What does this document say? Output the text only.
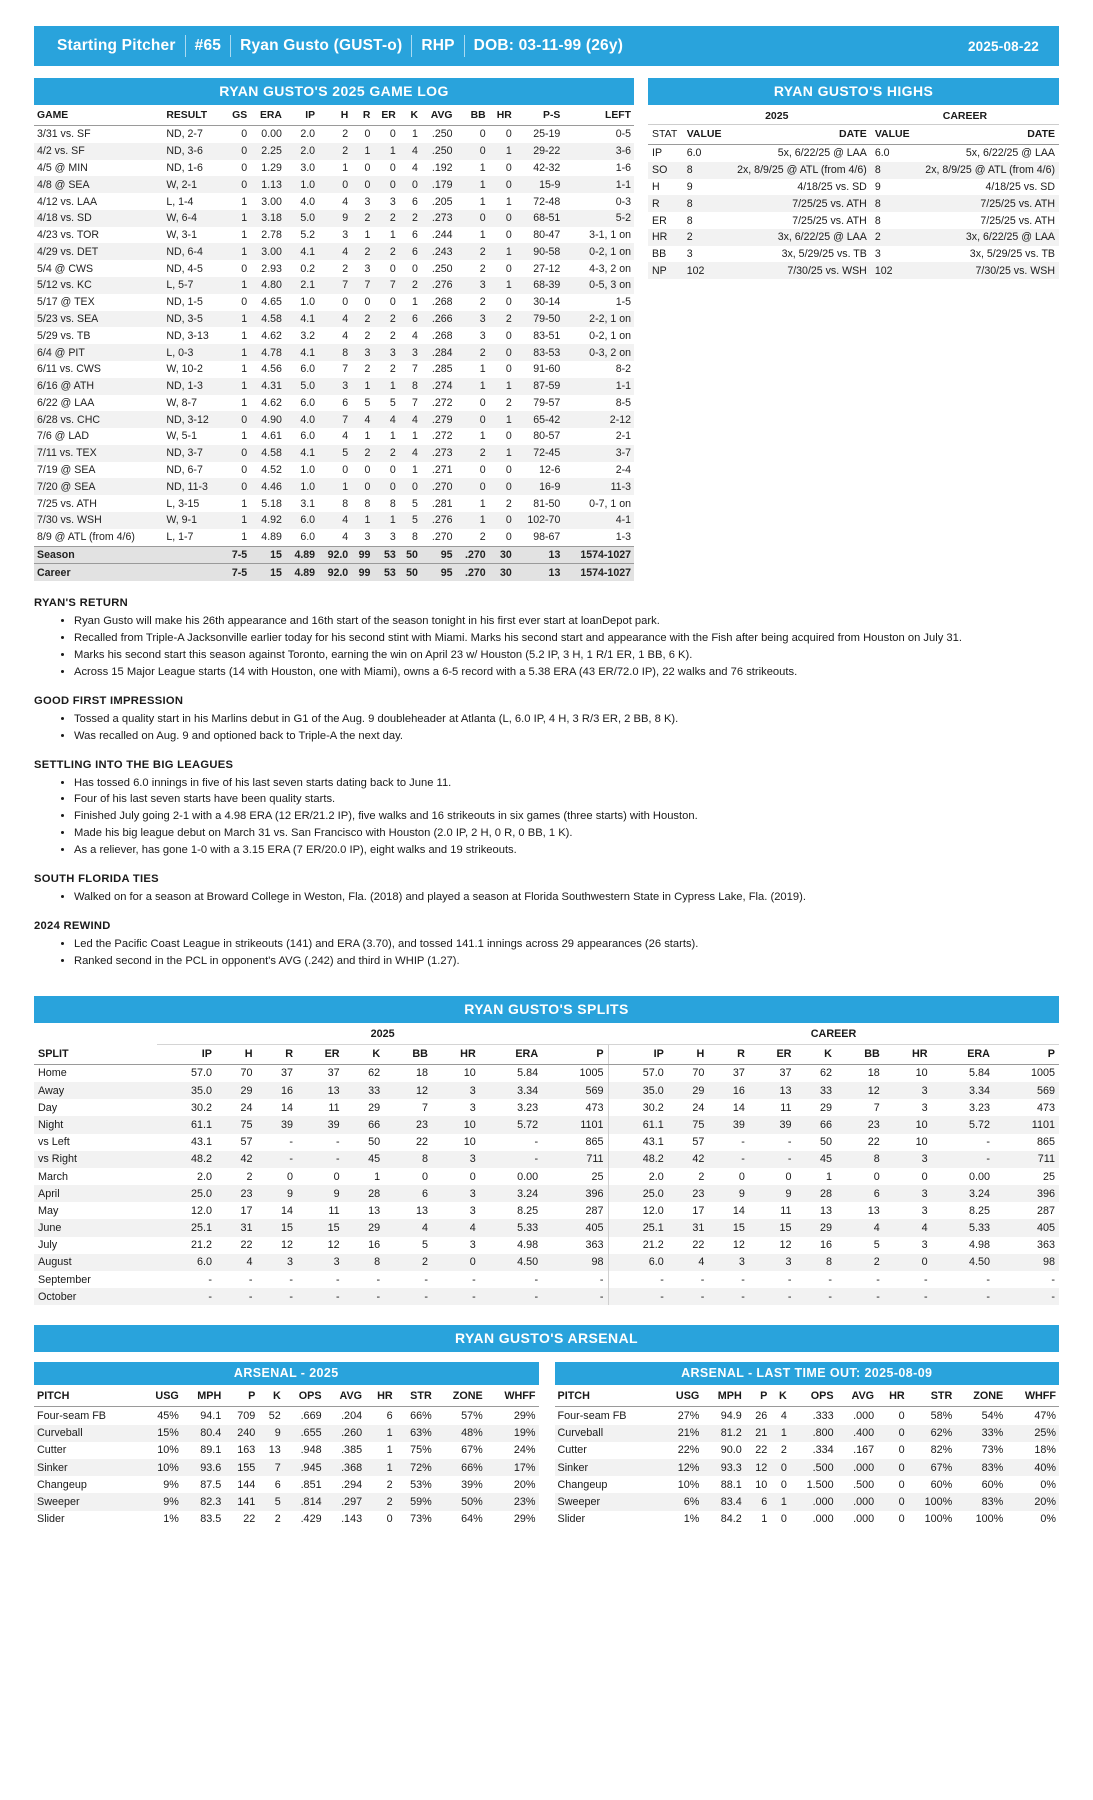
Starting Pitcher	#65	Ryan Gusto (GUST-o)	RHP	DOB: 03-11-99 (26y)	2025-08-22
RYAN GUSTO'S 2025 GAME LOG
GAME	RESULT	GS	ERA	IP	H	R	ER	K	AVG	BB	HR	P-S	LEFT
3/31 vs. SF	ND, 2-7	0	0.00	2.0	2	0	0	1	.250	0	0	25-19	0-5
4/2 vs. SF	ND, 3-6	0	2.25	2.0	2	1	1	4	.250	0	1	29-22	3-6
4/5 @ MIN	ND, 1-6	0	1.29	3.0	1	0	0	4	.192	1	0	42-32	1-6
4/8 @ SEA	W, 2-1	0	1.13	1.0	0	0	0	0	.179	1	0	15-9	1-1
4/12 vs. LAA	L, 1-4	1	3.00	4.0	4	3	3	6	.205	1	1	72-48	0-3
4/18 vs. SD	W, 6-4	1	3.18	5.0	9	2	2	2	.273	0	0	68-51	5-2
4/23 vs. TOR	W, 3-1	1	2.78	5.2	3	1	1	6	.244	1	0	80-47	3-1, 1 on
4/29 vs. DET	ND, 6-4	1	3.00	4.1	4	2	2	6	.243	2	1	90-58	0-2, 1 on
5/4 @ CWS	ND, 4-5	0	2.93	0.2	2	3	0	0	.250	2	0	27-12	4-3, 2 on
5/12 vs. KC	L, 5-7	1	4.80	2.1	7	7	7	2	.276	3	1	68-39	0-5, 3 on
5/17 @ TEX	ND, 1-5	0	4.65	1.0	0	0	0	1	.268	2	0	30-14	1-5
5/23 vs. SEA	ND, 3-5	1	4.58	4.1	4	2	2	6	.266	3	2	79-50	2-2, 1 on
5/29 vs. TB	ND, 3-13	1	4.62	3.2	4	2	2	4	.268	3	0	83-51	0-2, 1 on
6/4 @ PIT	L, 0-3	1	4.78	4.1	8	3	3	3	.284	2	0	83-53	0-3, 2 on
6/11 vs. CWS	W, 10-2	1	4.56	6.0	7	2	2	7	.285	1	0	91-60	8-2
6/16 @ ATH	ND, 1-3	1	4.31	5.0	3	1	1	8	.274	1	1	87-59	1-1
6/22 @ LAA	W, 8-7	1	4.62	6.0	6	5	5	7	.272	0	2	79-57	8-5
6/28 vs. CHC	ND, 3-12	0	4.90	4.0	7	4	4	4	.279	0	1	65-42	2-12
7/6 @ LAD	W, 5-1	1	4.61	6.0	4	1	1	1	.272	1	0	80-57	2-1
7/11 vs. TEX	ND, 3-7	0	4.58	4.1	5	2	2	4	.273	2	1	72-45	3-7
7/19 @ SEA	ND, 6-7	0	4.52	1.0	0	0	0	1	.271	0	0	12-6	2-4
7/20 @ SEA	ND, 11-3	0	4.46	1.0	1	0	0	0	.270	0	0	16-9	11-3
7/25 vs. ATH	L, 3-15	1	5.18	3.1	8	8	8	5	.281	1	2	81-50	0-7, 1 on
7/30 vs. WSH	W, 9-1	1	4.92	6.0	4	1	1	5	.276	1	0	102-70	4-1
8/9 @ ATL (from 4/6)	L, 1-7	1	4.89	6.0	4	3	3	8	.270	2	0	98-67	1-3
Season		7-5	15	4.89	92.0	99	53	50	95	.270	30	13	1574-1027
Career		7-5	15	4.89	92.0	99	53	50	95	.270	30	13	1574-1027
RYAN GUSTO'S HIGHS
	2025		CAREER	
STAT	VALUE	DATE	VALUE	DATE
IP	6.0	5x, 6/22/25 @ LAA	6.0	5x, 6/22/25 @ LAA
SO	8	2x, 8/9/25 @ ATL (from 4/6)	8	2x, 8/9/25 @ ATL (from 4/6)
H	9	4/18/25 vs. SD	9	4/18/25 vs. SD
R	8	7/25/25 vs. ATH	8	7/25/25 vs. ATH
ER	8	7/25/25 vs. ATH	8	7/25/25 vs. ATH
HR	2	3x, 6/22/25 @ LAA	2	3x, 6/22/25 @ LAA
BB	3	3x, 5/29/25 vs. TB	3	3x, 5/29/25 vs. TB
NP	102	7/30/25 vs. WSH	102	7/30/25 vs. WSH
RYAN'S RETURN
• Ryan Gusto will make his 26th appearance and 16th start of the season tonight in his first ever start at loanDepot park.
• Recalled from Triple-A Jacksonville earlier today for his second stint with Miami. Marks his second start and appearance with the Fish after being acquired from Houston on July 31.
• Marks his second start this season against Toronto, earning the win on April 23 w/ Houston (5.2 IP, 3 H, 1 R/1 ER, 1 BB, 6 K).
• Across 15 Major League starts (14 with Houston, one with Miami), owns a 6-5 record with a 5.38 ERA (43 ER/72.0 IP), 22 walks and 76 strikeouts.
GOOD FIRST IMPRESSION
• Tossed a quality start in his Marlins debut in G1 of the Aug. 9 doubleheader at Atlanta (L, 6.0 IP, 4 H, 3 R/3 ER, 2 BB, 8 K).
• Was recalled on Aug. 9 and optioned back to Triple-A the next day.
SETTLING INTO THE BIG LEAGUES
• Has tossed 6.0 innings in five of his last seven starts dating back to June 11.
• Four of his last seven starts have been quality starts.
• Finished July going 2-1 with a 4.98 ERA (12 ER/21.2 IP), five walks and 16 strikeouts in six games (three starts) with Houston.
• Made his big league debut on March 31 vs. San Francisco with Houston (2.0 IP, 2 H, 0 R, 0 BB, 1 K).
• As a reliever, has gone 1-0 with a 3.15 ERA (7 ER/20.0 IP), eight walks and 19 strikeouts.
SOUTH FLORIDA TIES
• Walked on for a season at Broward College in Weston, Fla. (2018) and played a season at Florida Southwestern State in Cypress Lake, Fla. (2019).
2024 REWIND
• Led the Pacific Coast League in strikeouts (141) and ERA (3.70), and tossed 141.1 innings across 29 appearances (26 starts).
• Ranked second in the PCL in opponent's AVG (.242) and third in WHIP (1.27).
RYAN GUSTO'S SPLITS
	2025									CAREER								
SPLIT	IP	H	R	ER	K	BB	HR	ERA	P	IP	H	R	ER	K	BB	HR	ERA	P
Home	57.0	70	37	37	62	18	10	5.84	1005	57.0	70	37	37	62	18	10	5.84	1005
Away	35.0	29	16	13	33	12	3	3.34	569	35.0	29	16	13	33	12	3	3.34	569
Day	30.2	24	14	11	29	7	3	3.23	473	30.2	24	14	11	29	7	3	3.23	473
Night	61.1	75	39	39	66	23	10	5.72	1101	61.1	75	39	39	66	23	10	5.72	1101
vs Left	43.1	57	-	-	50	22	10	-	865	43.1	57	-	-	50	22	10	-	865
vs Right	48.2	42	-	-	45	8	3	-	711	48.2	42	-	-	45	8	3	-	711
March	2.0	2	0	0	1	0	0	0.00	25	2.0	2	0	0	1	0	0	0.00	25
April	25.0	23	9	9	28	6	3	3.24	396	25.0	23	9	9	28	6	3	3.24	396
May	12.0	17	14	11	13	13	3	8.25	287	12.0	17	14	11	13	13	3	8.25	287
June	25.1	31	15	15	29	4	4	5.33	405	25.1	31	15	15	29	4	4	5.33	405
July	21.2	22	12	12	16	5	3	4.98	363	21.2	22	12	12	16	5	3	4.98	363
August	6.0	4	3	3	8	2	0	4.50	98	6.0	4	3	3	8	2	0	4.50	98
September	-	-	-	-	-	-	-	-	-	-	-	-	-	-	-	-	-	-
October	-	-	-	-	-	-	-	-	-	-	-	-	-	-	-	-	-	-
RYAN GUSTO'S ARSENAL
ARSENAL - 2025
PITCH	USG	MPH	P	K	OPS	AVG	HR	STR	ZONE	WHFF
Four-seam FB	45%	94.1	709	52	.669	.204	6	66%	57%	29%
Curveball	15%	80.4	240	9	.655	.260	1	63%	48%	19%
Cutter	10%	89.1	163	13	.948	.385	1	75%	67%	24%
Sinker	10%	93.6	155	7	.945	.368	1	72%	66%	17%
Changeup	9%	87.5	144	6	.851	.294	2	53%	39%	20%
Sweeper	9%	82.3	141	5	.814	.297	2	59%	50%	23%
Slider	1%	83.5	22	2	.429	.143	0	73%	64%	29%
ARSENAL - LAST TIME OUT: 2025-08-09
PITCH	USG	MPH	P	K	OPS	AVG	HR	STR	ZONE	WHFF
Four-seam FB	27%	94.9	26	4	.333	.000	0	58%	54%	47%
Curveball	21%	81.2	21	1	.800	.400	0	62%	33%	25%
Cutter	22%	90.0	22	2	.334	.167	0	82%	73%	18%
Sinker	12%	93.3	12	0	.500	.000	0	67%	83%	40%
Changeup	10%	88.1	10	0	1.500	.500	0	60%	60%	0%
Sweeper	6%	83.4	6	1	.000	.000	0	100%	83%	20%
Slider	1%	84.2	1	0	.000	.000	0	100%	100%	0%
